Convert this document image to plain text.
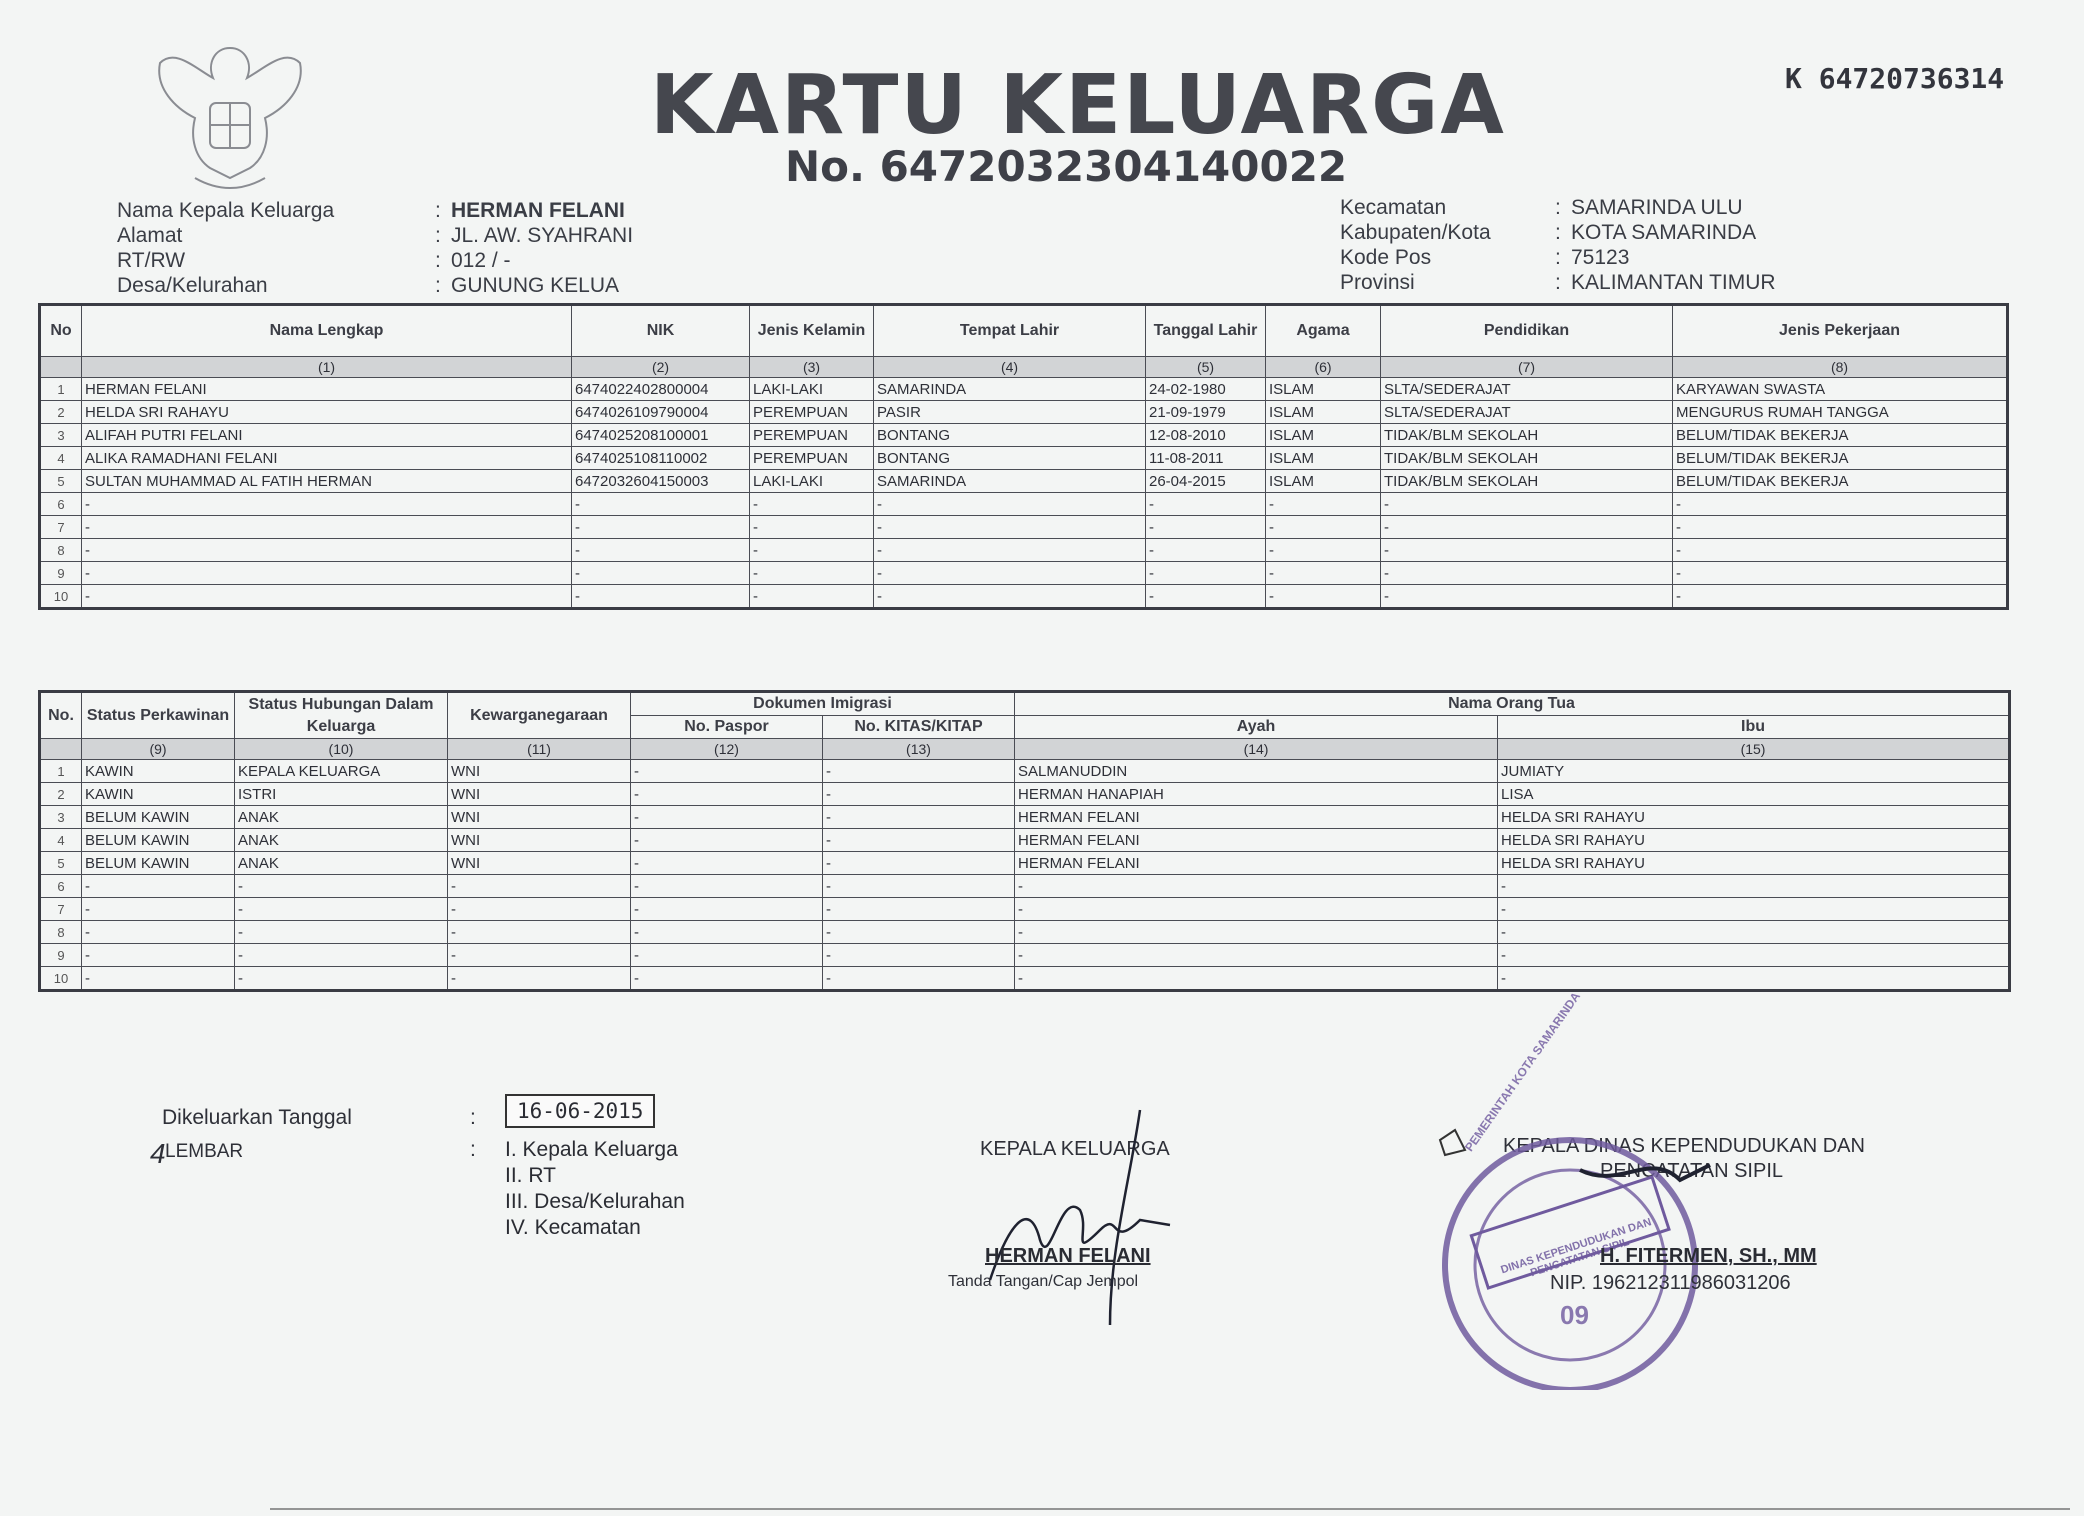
KARTU KELUARGA
No. 6472032304140022
K 64720736314
Nama Kepala Keluarga	: HERMAN FELANI
Alamat	: JL. AW. SYAHRANI
RT/RW	: 012 / -
Desa/Kelurahan	: GUNUNG KELUA
Kecamatan	: SAMARINDA ULU
Kabupaten/Kota	: KOTA SAMARINDA
Kode Pos	: 75123
Provinsi	: KALIMANTAN TIMUR
No	Nama Lengkap	NIK	Jenis Kelamin	Tempat Lahir	Tanggal Lahir	Agama	Pendidikan	Jenis Pekerjaan
	(1)	(2)	(3)	(4)	(5)	(6)	(7)	(8)
1	HERMAN FELANI	6474022402800004	LAKI-LAKI	SAMARINDA	24-02-1980	ISLAM	SLTA/SEDERAJAT	KARYAWAN SWASTA
2	HELDA SRI RAHAYU	6474026109790004	PEREMPUAN	PASIR	21-09-1979	ISLAM	SLTA/SEDERAJAT	MENGURUS RUMAH TANGGA
3	ALIFAH PUTRI FELANI	6474025208100001	PEREMPUAN	BONTANG	12-08-2010	ISLAM	TIDAK/BLM SEKOLAH	BELUM/TIDAK BEKERJA
4	ALIKA RAMADHANI FELANI	6474025108110002	PEREMPUAN	BONTANG	11-08-2011	ISLAM	TIDAK/BLM SEKOLAH	BELUM/TIDAK BEKERJA
5	SULTAN MUHAMMAD AL FATIH HERMAN	6472032604150003	LAKI-LAKI	SAMARINDA	26-04-2015	ISLAM	TIDAK/BLM SEKOLAH	BELUM/TIDAK BEKERJA
6	-	-	-	-	-	-	-	-
7	-	-	-	-	-	-	-	-
8	-	-	-	-	-	-	-	-
9	-	-	-	-	-	-	-	-
10	-	-	-	-	-	-	-	-
No.	Status Perkawinan	Status Hubungan Dalam Keluarga	Kewarganegaraan	Dokumen Imigrasi		Nama Orang Tua	
				No. Paspor	No. KITAS/KITAP	Ayah	Ibu
	(9)	(10)	(11)	(12)	(13)	(14)	(15)
1	KAWIN	KEPALA KELUARGA	WNI	-	-	SALMANUDDIN	JUMIATY
2	KAWIN	ISTRI	WNI	-	-	HERMAN HANAPIAH	LISA
3	BELUM KAWIN	ANAK	WNI	-	-	HERMAN FELANI	HELDA SRI RAHAYU
4	BELUM KAWIN	ANAK	WNI	-	-	HERMAN FELANI	HELDA SRI RAHAYU
5	BELUM KAWIN	ANAK	WNI	-	-	HERMAN FELANI	HELDA SRI RAHAYU
6	-	-	-	-	-	-	-
7	-	-	-	-	-	-	-
8	-	-	-	-	-	-	-
9	-	-	-	-	-	-	-
10	-	-	-	-	-	-	-
Dikeluarkan Tanggal	:	16-06-2015
4 LEMBAR	: I. Kepala Keluarga
II. RT
III. Desa/Kelurahan
IV. Kecamatan
KEPALA KELUARGA
HERMAN FELANI
Tanda Tangan/Cap Jempol
KEPALA DINAS KEPENDUDUKAN DAN
PENCATATAN SIPIL
PEMERINTAH KOTA SAMARINDA
DINAS KEPENDUDUKAN DAN PENCATATAN SIPIL
09
H. FITERMEN, SH., MM
NIP. 196212311986031206
